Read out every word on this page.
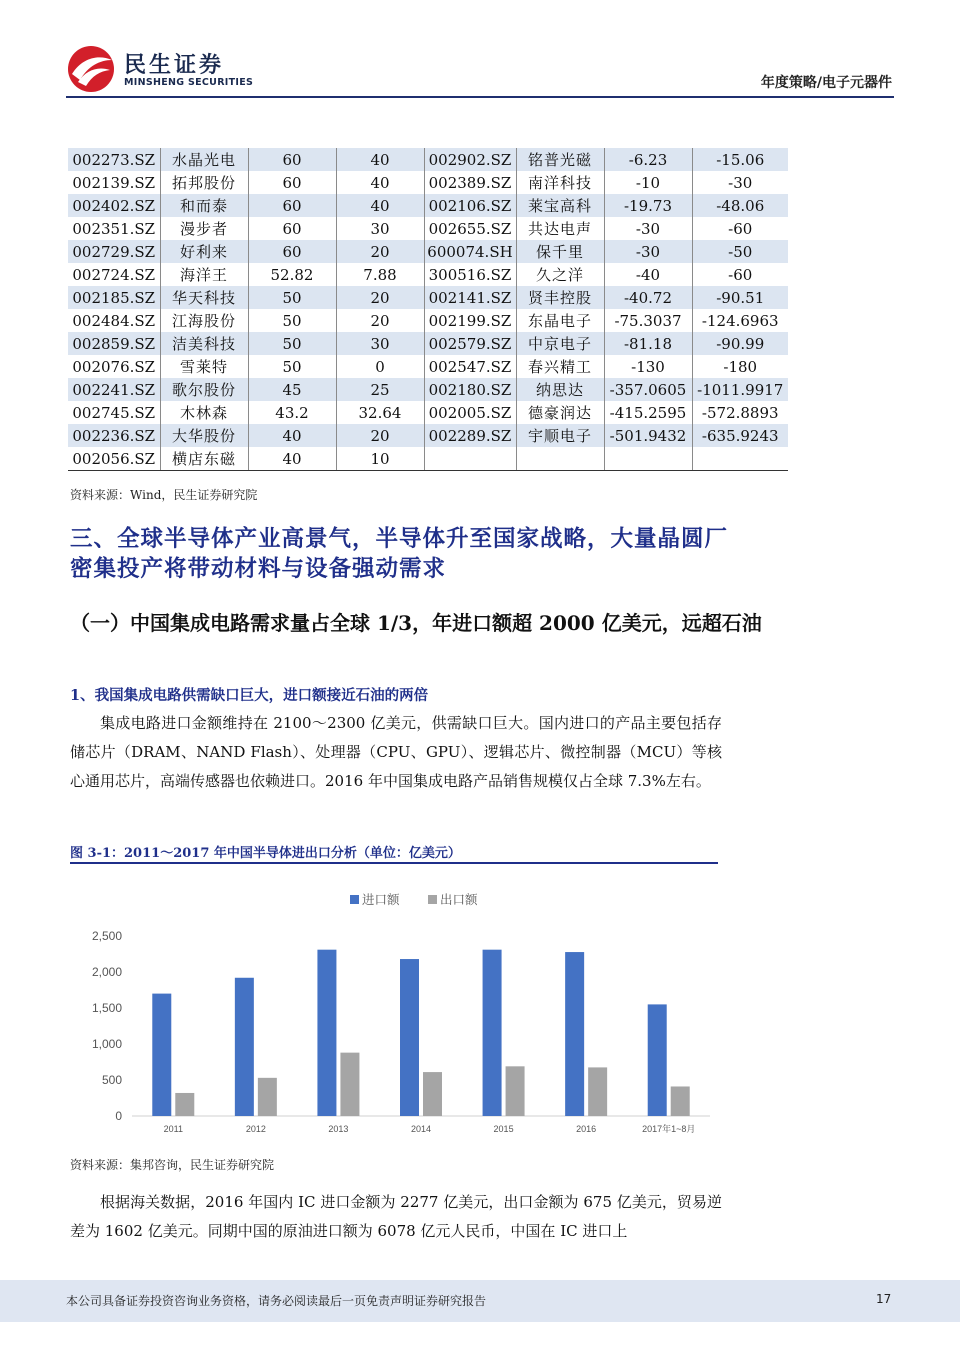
民生证券
MINSHENG SECURITIES	年度策略/电子元器件
002273.SZ	水晶光电	60	40	002902.SZ	铭普光磁	-6.23	-15.06
002139.SZ	拓邦股份	60	40	002389.SZ	南洋科技	-10	-30
002402.SZ	和而泰	60	40	002106.SZ	莱宝高科	-19.73	-48.06
002351.SZ	漫步者	60	30	002655.SZ	共达电声	-30	-60
002729.SZ	好利来	60	20	600074.SH	保千里	-30	-50
002724.SZ	海洋王	52.82	7.88	300516.SZ	久之洋	-40	-60
002185.SZ	华天科技	50	20	002141.SZ	贤丰控股	-40.72	-90.51
002484.SZ	江海股份	50	20	002199.SZ	东晶电子	-75.3037	-124.6963
002859.SZ	洁美科技	50	30	002579.SZ	中京电子	-81.18	-90.99
002076.SZ	雪莱特	50	0	002547.SZ	春兴精工	-130	-180
002241.SZ	歌尔股份	45	25	002180.SZ	纳思达	-357.0605	-1011.9917
002745.SZ	木林森	43.2	32.64	002005.SZ	德豪润达	-415.2595	-572.8893
002236.SZ	大华股份	40	20	002289.SZ	宇顺电子	-501.9432	-635.9243
002056.SZ	横店东磁	40	10				
资料来源：Wind，民生证券研究院
三、全球半导体产业高景气，半导体升至国家战略，大量晶圆厂密集投产将带动材料与设备强动需求
（一）中国集成电路需求量占全球 1/3，年进口额超 2000 亿美元，远超石油
1、我国集成电路供需缺口巨大，进口额接近石油的两倍
集成电路进口金额维持在 2100～2300 亿美元，供需缺口巨大。国内进口的产品主要包括存储芯片（DRAM、NAND Flash）、处理器（CPU、GPU）、逻辑芯片、微控制器（MCU）等核心通用芯片，高端传感器也依赖进口。2016 年中国集成电路产品销售规模仅占全球 7.3%左右。
图 3-1：2011～2017 年中国半导体进出口分析（单位：亿美元）
0
500
1,000
1,500
2,000
2,500
2011	2012	2013	2014	2015	2016	2017年1~8月
进口额	出口额
资料来源：集邦咨询，民生证券研究院
根据海关数据，2016 年国内 IC 进口金额为 2277 亿美元，出口金额为 675 亿美元，贸易逆差为 1602 亿美元。同期中国的原油进口额为 6078 亿元人民币，中国在 IC 进口上
本公司具备证券投资咨询业务资格，请务必阅读最后一页免责声明证券研究报告	17
